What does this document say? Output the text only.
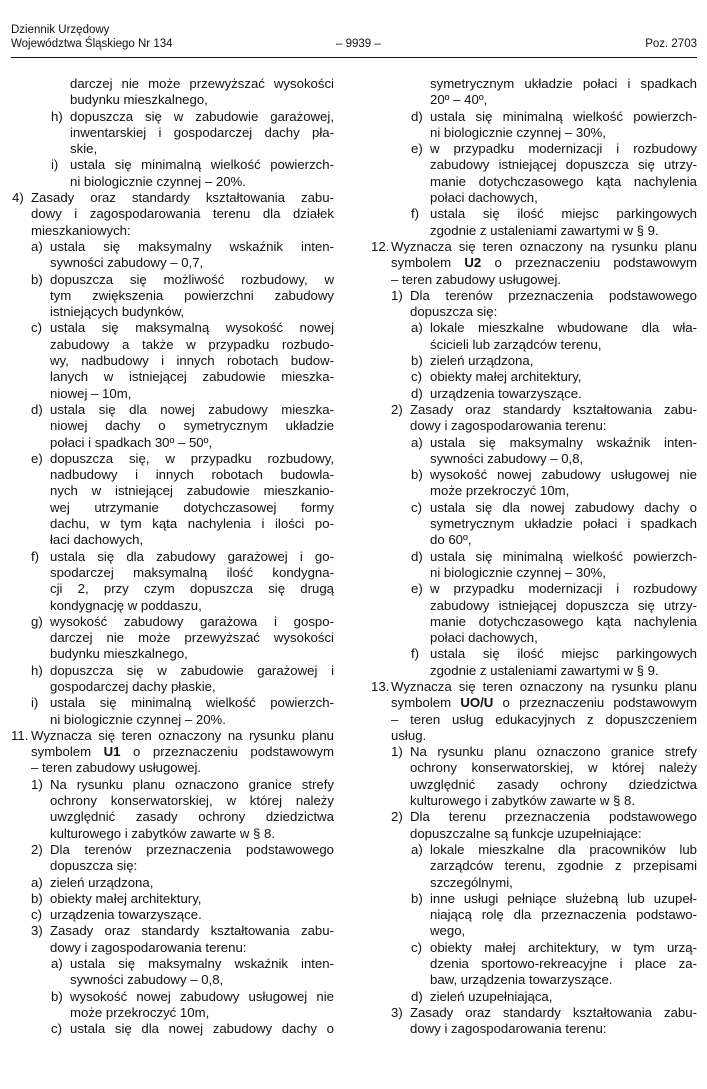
Dziennik Urzędowy
Województwa Śląskiego Nr 134	– 9939 –	Poz. 2703
darczej nie może przewyższać wysokości
budynku mieszkalnego,
h) dopuszcza się w zabudowie garażowej,
inwentarskiej i gospodarczej dachy pła-
skie,
i) ustala się minimalną wielkość powierzch-
ni biologicznie czynnej – 20%.
4) Zasady oraz standardy kształtowania zabu-
dowy i zagospodarowania terenu dla działek
mieszkaniowych:
a) ustala się maksymalny wskaźnik inten-
sywności zabudowy – 0,7,
b) dopuszcza się możliwość rozbudowy, w
tym zwiększenia powierzchni zabudowy
istniejących budynków,
c) ustala się maksymalną wysokość nowej
zabudowy a także w przypadku rozbudo-
wy, nadbudowy i innych robotach budow-
lanych w istniejącej zabudowie mieszka-
niowej – 10m,
d) ustala się dla nowej zabudowy mieszka-
niowej dachy o symetrycznym układzie
połaci i spadkach 30º – 50º,
e) dopuszcza się, w przypadku rozbudowy,
nadbudowy i innych robotach budowla-
nych w istniejącej zabudowie mieszkanio-
wej utrzymanie dotychczasowej formy
dachu, w tym kąta nachylenia i ilości po-
łaci dachowych,
f) ustala się dla zabudowy garażowej i go-
spodarczej maksymalną ilość kondygna-
cji 2, przy czym dopuszcza się drugą
kondygnację w poddaszu,
g) wysokość zabudowy garażowa i gospo-
darczej nie może przewyższać wysokości
budynku mieszkalnego,
h) dopuszcza się w zabudowie garażowej i
gospodarczej dachy płaskie,
i) ustala się minimalną wielkość powierzch-
ni biologicznie czynnej – 20%.
11. Wyznacza się teren oznaczony na rysunku planu
symbolem U1 o przeznaczeniu podstawowym
– teren zabudowy usługowej.
1) Na rysunku planu oznaczono granice strefy
ochrony konserwatorskiej, w której należy
uwzględnić zasady ochrony dziedzictwa
kulturowego i zabytków zawarte w § 8.
2) Dla terenów przeznaczenia podstawowego
dopuszcza się:
a) zieleń urządzona,
b) obiekty małej architektury,
c) urządzenia towarzyszące.
3) Zasady oraz standardy kształtowania zabu-
dowy i zagospodarowania terenu:
a) ustala się maksymalny wskaźnik inten-
sywności zabudowy – 0,8,
b) wysokość nowej zabudowy usługowej nie
może przekroczyć 10m,
c) ustala się dla nowej zabudowy dachy o
symetrycznym układzie połaci i spadkach
20º – 40º,
d) ustala się minimalną wielkość powierzch-
ni biologicznie czynnej – 30%,
e) w przypadku modernizacji i rozbudowy
zabudowy istniejącej dopuszcza się utrzy-
manie dotychczasowego kąta nachylenia
połaci dachowych,
f) ustala się ilość miejsc parkingowych
zgodnie z ustaleniami zawartymi w § 9.
12. Wyznacza się teren oznaczony na rysunku planu
symbolem U2 o przeznaczeniu podstawowym
– teren zabudowy usługowej.
1) Dla terenów przeznaczenia podstawowego
dopuszcza się:
a) lokale mieszkalne wbudowane dla wła-
ścicieli lub zarządców terenu,
b) zieleń urządzona,
c) obiekty małej architektury,
d) urządzenia towarzyszące.
2) Zasady oraz standardy kształtowania zabu-
dowy i zagospodarowania terenu:
a) ustala się maksymalny wskaźnik inten-
sywności zabudowy – 0,8,
b) wysokość nowej zabudowy usługowej nie
może przekroczyć 10m,
c) ustala się dla nowej zabudowy dachy o
symetrycznym układzie połaci i spadkach
do 60º,
d) ustala się minimalną wielkość powierzch-
ni biologicznie czynnej – 30%,
e) w przypadku modernizacji i rozbudowy
zabudowy istniejącej dopuszcza się utrzy-
manie dotychczasowego kąta nachylenia
połaci dachowych,
f) ustala się ilość miejsc parkingowych
zgodnie z ustaleniami zawartymi w § 9.
13. Wyznacza się teren oznaczony na rysunku planu
symbolem UO/U o przeznaczeniu podstawowym
– teren usług edukacyjnych z dopuszczeniem
usług.
1) Na rysunku planu oznaczono granice strefy
ochrony konserwatorskiej, w której należy
uwzględnić zasady ochrony dziedzictwa
kulturowego i zabytków zawarte w § 8.
2) Dla terenu przeznaczenia podstawowego
dopuszczalne są funkcje uzupełniające:
a) lokale mieszkalne dla pracowników lub
zarządców terenu, zgodnie z przepisami
szczególnymi,
b) inne usługi pełniące służebną lub uzupeł-
niającą rolę dla przeznaczenia podstawo-
wego,
c) obiekty małej architektury, w tym urzą-
dzenia sportowo-rekreacyjne i place za-
baw, urządzenia towarzyszące.
d) zieleń uzupełniająca,
3) Zasady oraz standardy kształtowania zabu-
dowy i zagospodarowania terenu:
